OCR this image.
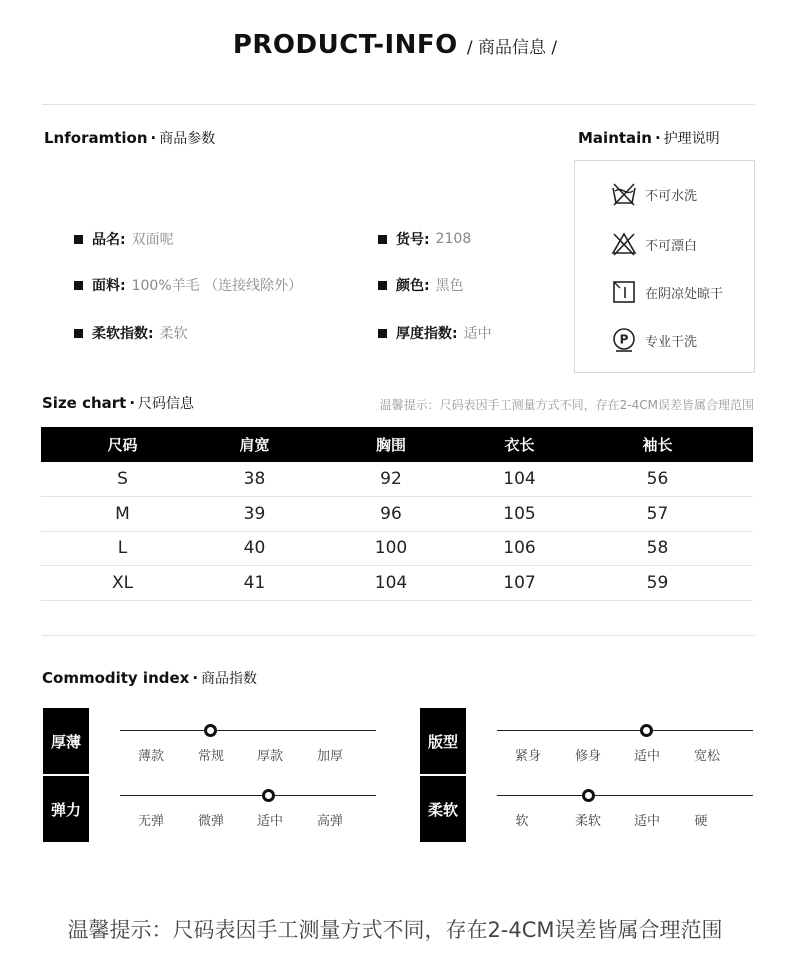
PRODUCT-INFO / 商品信息 /
Lnforamtion · 商品参数	Maintain · 护理说明
品名: 双面呢	货号: 2108
面料: 100%羊毛 （连接线除外）	颜色: 黑色
柔软指数: 柔软	厚度指数: 适中
不可水洗
不可漂白
在阴凉处晾干
P 专业干洗
Size chart · 尺码信息	温馨提示：尺码表因手工测量方式不同，存在2-4CM误差皆属合理范围
尺码	肩宽	胸围	衣长	袖长
S	38	92	104	56
M	39	96	105	57
L	40	100	106	58
XL	41	104	107	59
Commodity index · 商品指数
厚薄
薄款	常规	厚款	加厚
版型
紧身	修身	适中	宽松
弹力
无弹	微弹	适中	高弹
柔软
软	柔软	适中	硬
温馨提示：尺码表因手工测量方式不同，存在2-4CM误差皆属合理范围
